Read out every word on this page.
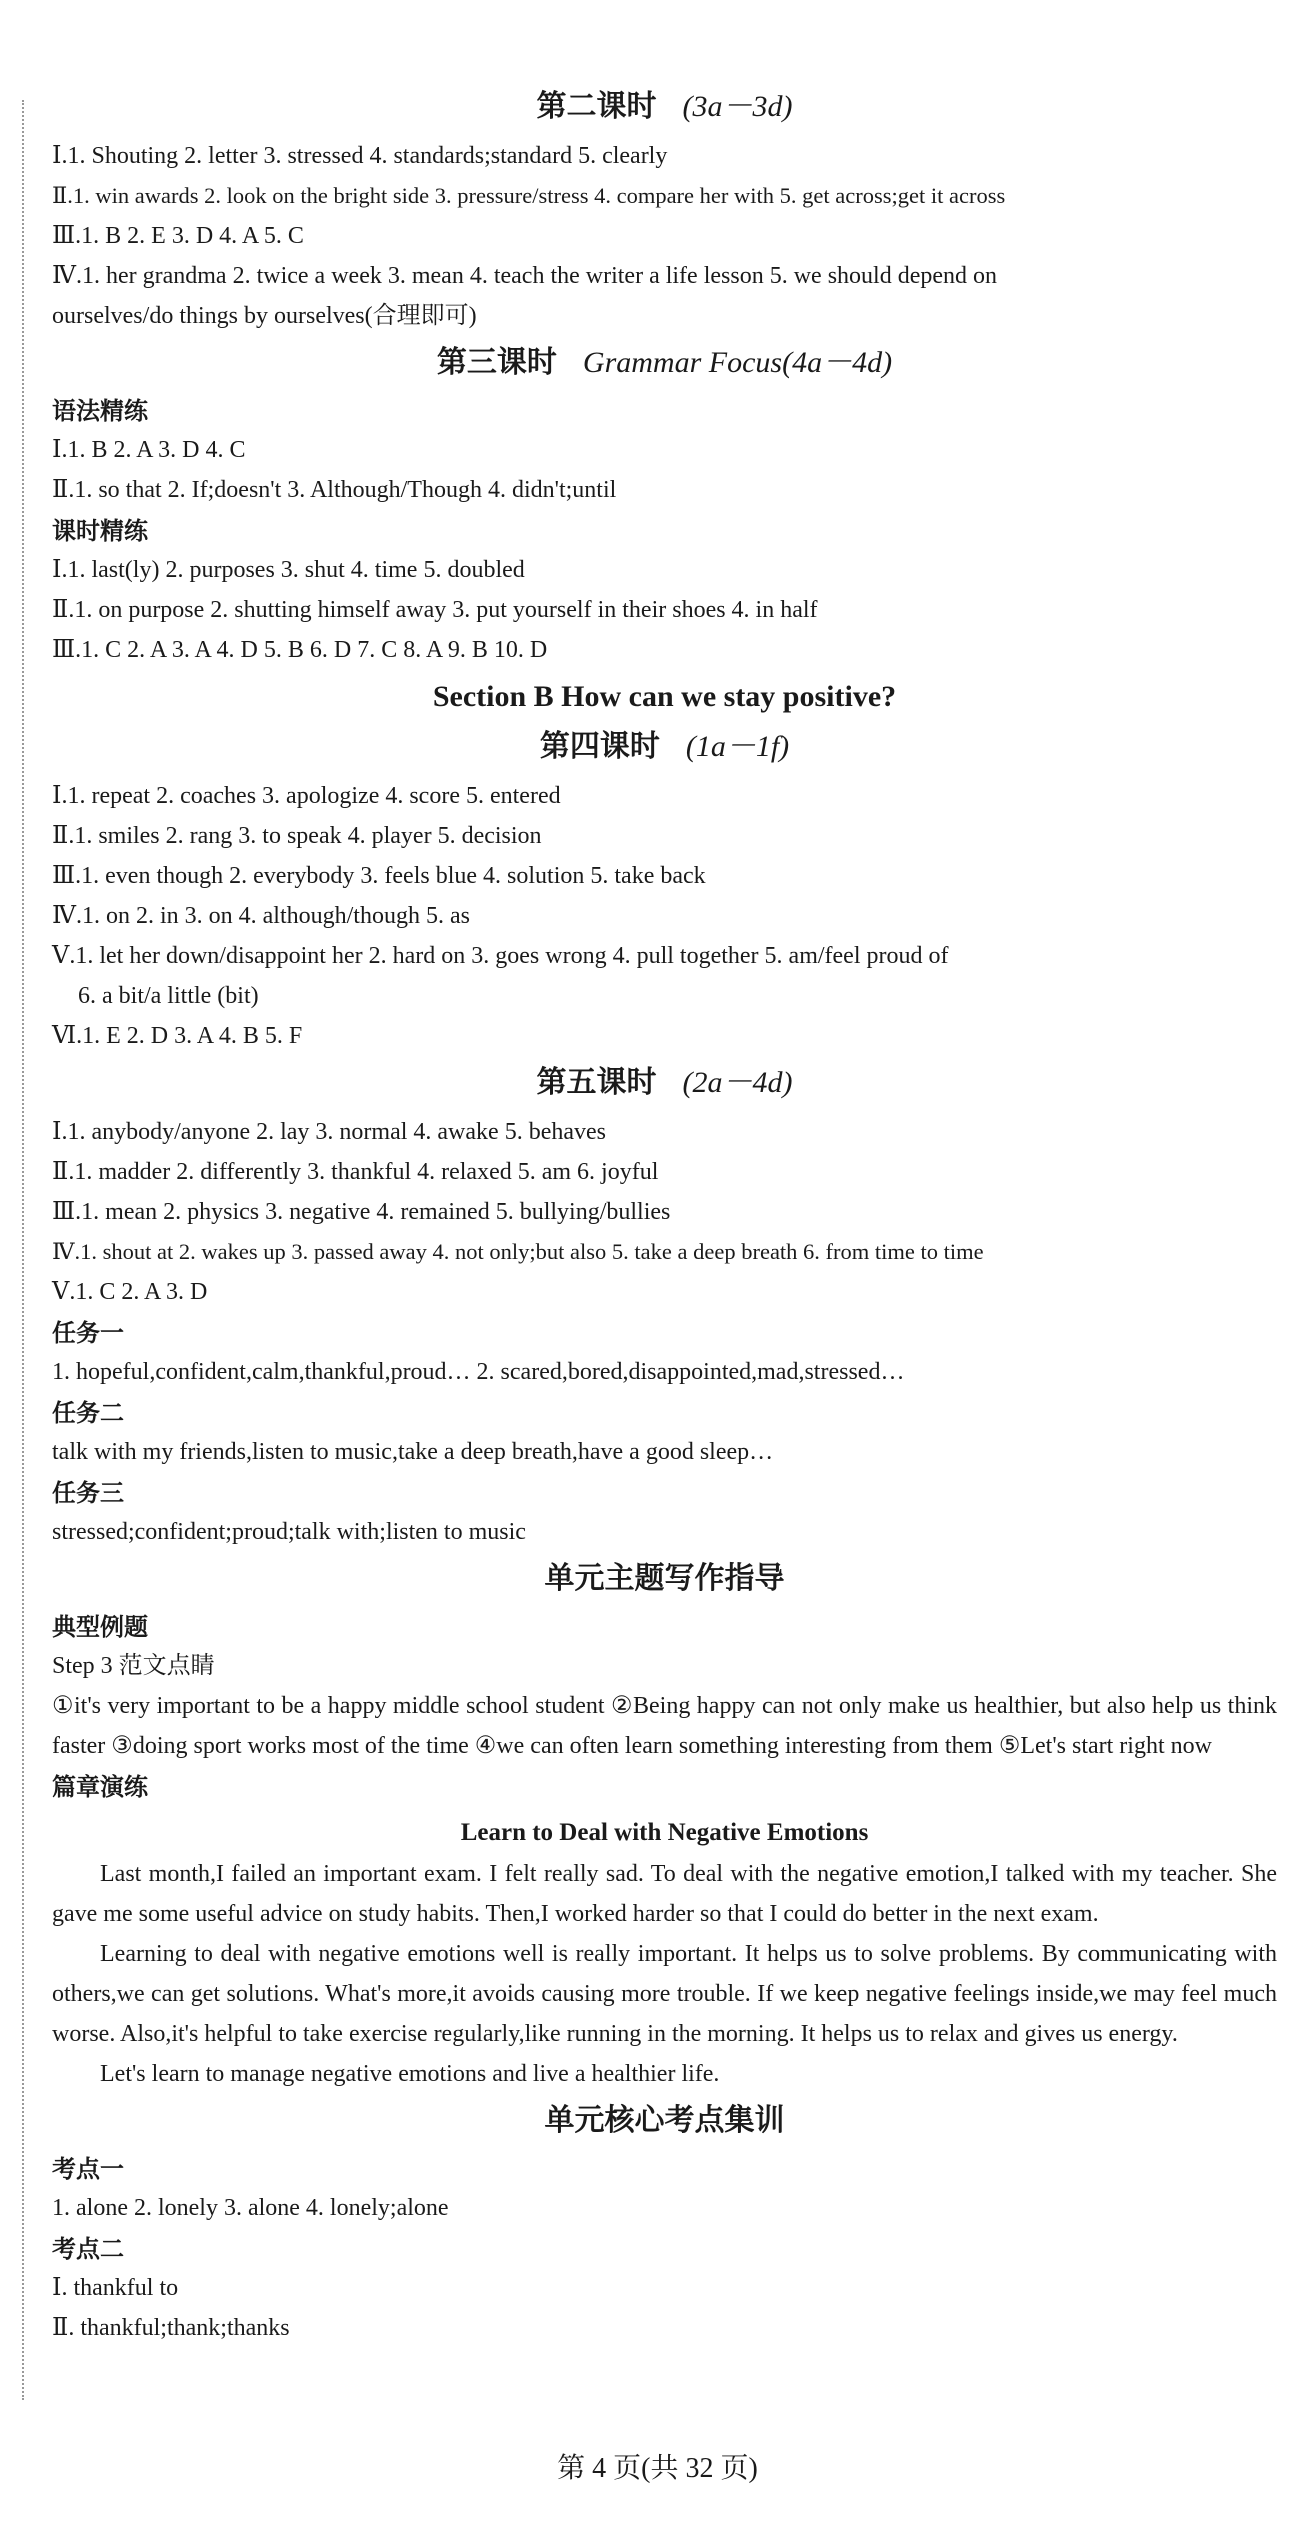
第二课时 (3a－3d)
Ⅰ.1. Shouting 2. letter 3. stressed 4. standards;standard 5. clearly
Ⅱ.1. win awards 2. look on the bright side 3. pressure/stress 4. compare her with 5. get across;get it across
Ⅲ.1. B 2. E 3. D 4. A 5. C
Ⅳ.1. her grandma 2. twice a week 3. mean 4. teach the writer a life lesson 5. we should depend on
ourselves/do things by ourselves(合理即可)
第三课时 Grammar Focus(4a－4d)
语法精练
Ⅰ.1. B 2. A 3. D 4. C
Ⅱ.1. so that 2. If;doesn't 3. Although/Though 4. didn't;until
课时精练
Ⅰ.1. last(ly) 2. purposes 3. shut 4. time 5. doubled
Ⅱ.1. on purpose 2. shutting himself away 3. put yourself in their shoes 4. in half
Ⅲ.1. C 2. A 3. A 4. D 5. B 6. D 7. C 8. A 9. B 10. D
Section B How can we stay positive?
第四课时 (1a－1f)
Ⅰ.1. repeat 2. coaches 3. apologize 4. score 5. entered
Ⅱ.1. smiles 2. rang 3. to speak 4. player 5. decision
Ⅲ.1. even though 2. everybody 3. feels blue 4. solution 5. take back
Ⅳ.1. on 2. in 3. on 4. although/though 5. as
Ⅴ.1. let her down/disappoint her 2. hard on 3. goes wrong 4. pull together 5. am/feel proud of
6. a bit/a little (bit)
Ⅵ.1. E 2. D 3. A 4. B 5. F
第五课时 (2a－4d)
Ⅰ.1. anybody/anyone 2. lay 3. normal 4. awake 5. behaves
Ⅱ.1. madder 2. differently 3. thankful 4. relaxed 5. am 6. joyful
Ⅲ.1. mean 2. physics 3. negative 4. remained 5. bullying/bullies
Ⅳ.1. shout at 2. wakes up 3. passed away 4. not only;but also 5. take a deep breath 6. from time to time
Ⅴ.1. C 2. A 3. D
任务一
1. hopeful,confident,calm,thankful,proud… 2. scared,bored,disappointed,mad,stressed…
任务二
talk with my friends,listen to music,take a deep breath,have a good sleep…
任务三
stressed;confident;proud;talk with;listen to music
单元主题写作指导
典型例题
Step 3 范文点睛
①it's very important to be a happy middle school student ②Being happy can not only make us healthier, but also help us think faster ③doing sport works most of the time ④we can often learn something interesting from them ⑤Let's start right now
篇章演练
Learn to Deal with Negative Emotions
Last month,I failed an important exam. I felt really sad. To deal with the negative emotion,I talked with my teacher. She gave me some useful advice on study habits. Then,I worked harder so that I could do better in the next exam.
Learning to deal with negative emotions well is really important. It helps us to solve problems. By communicating with others,we can get solutions. What's more,it avoids causing more trouble. If we keep negative feelings inside,we may feel much worse. Also,it's helpful to take exercise regularly,like running in the morning. It helps us to relax and gives us energy.
Let's learn to manage negative emotions and live a healthier life.
单元核心考点集训
考点一
1. alone 2. lonely 3. alone 4. lonely;alone
考点二
Ⅰ. thankful to
Ⅱ. thankful;thank;thanks
第 4 页(共 32 页)
